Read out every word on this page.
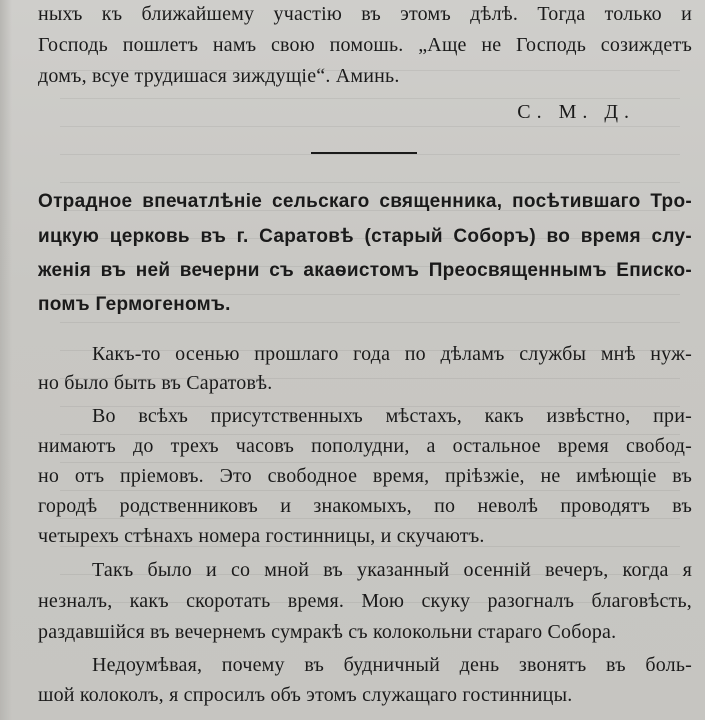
ныхъ къ ближайшему участію въ этомъ дѣлѣ. Тогда только и
Господь пошлетъ намъ свою помошь. „Аще не Господь созиждетъ
домъ, всуе трудишася зиждущіе“. Аминь.
С. М. Д.
Отрадное впечатлѣніе сельскаго священника, посѣтившаго Тро-
ицкую церковь въ г. Саратовѣ (старый Соборъ) во время слу-
женія въ ней вечерни съ акаѳистомъ Преосвященнымъ Еписко-
помъ Гермогеномъ.
Какъ-то осенью прошлаго года по дѣламъ службы мнѣ нуж-
но было быть въ Саратовѣ.
Во всѣхъ присутственныхъ мѣстахъ, какъ извѣстно, при-
нимаютъ до трехъ часовъ пополудни, а остальное время свобод-
но отъ пріемовъ. Это свободное время, пріѣзжіе, не имѣющіе въ
городѣ родственниковъ и знакомыхъ, по неволѣ проводятъ въ
четырехъ стѣнахъ номера гостинницы, и скучаютъ.
Такъ было и со мной въ указанный осенній вечеръ, когда я
незналъ, какъ скоротать время. Мою скуку разогналъ благовѣсть,
раздавшійся въ вечернемъ сумракѣ съ колокольни стараго Собора.
Недоумѣвая, почему въ будничный день звонятъ въ боль-
шой колоколъ, я спросилъ объ этомъ служащаго гостинницы.
